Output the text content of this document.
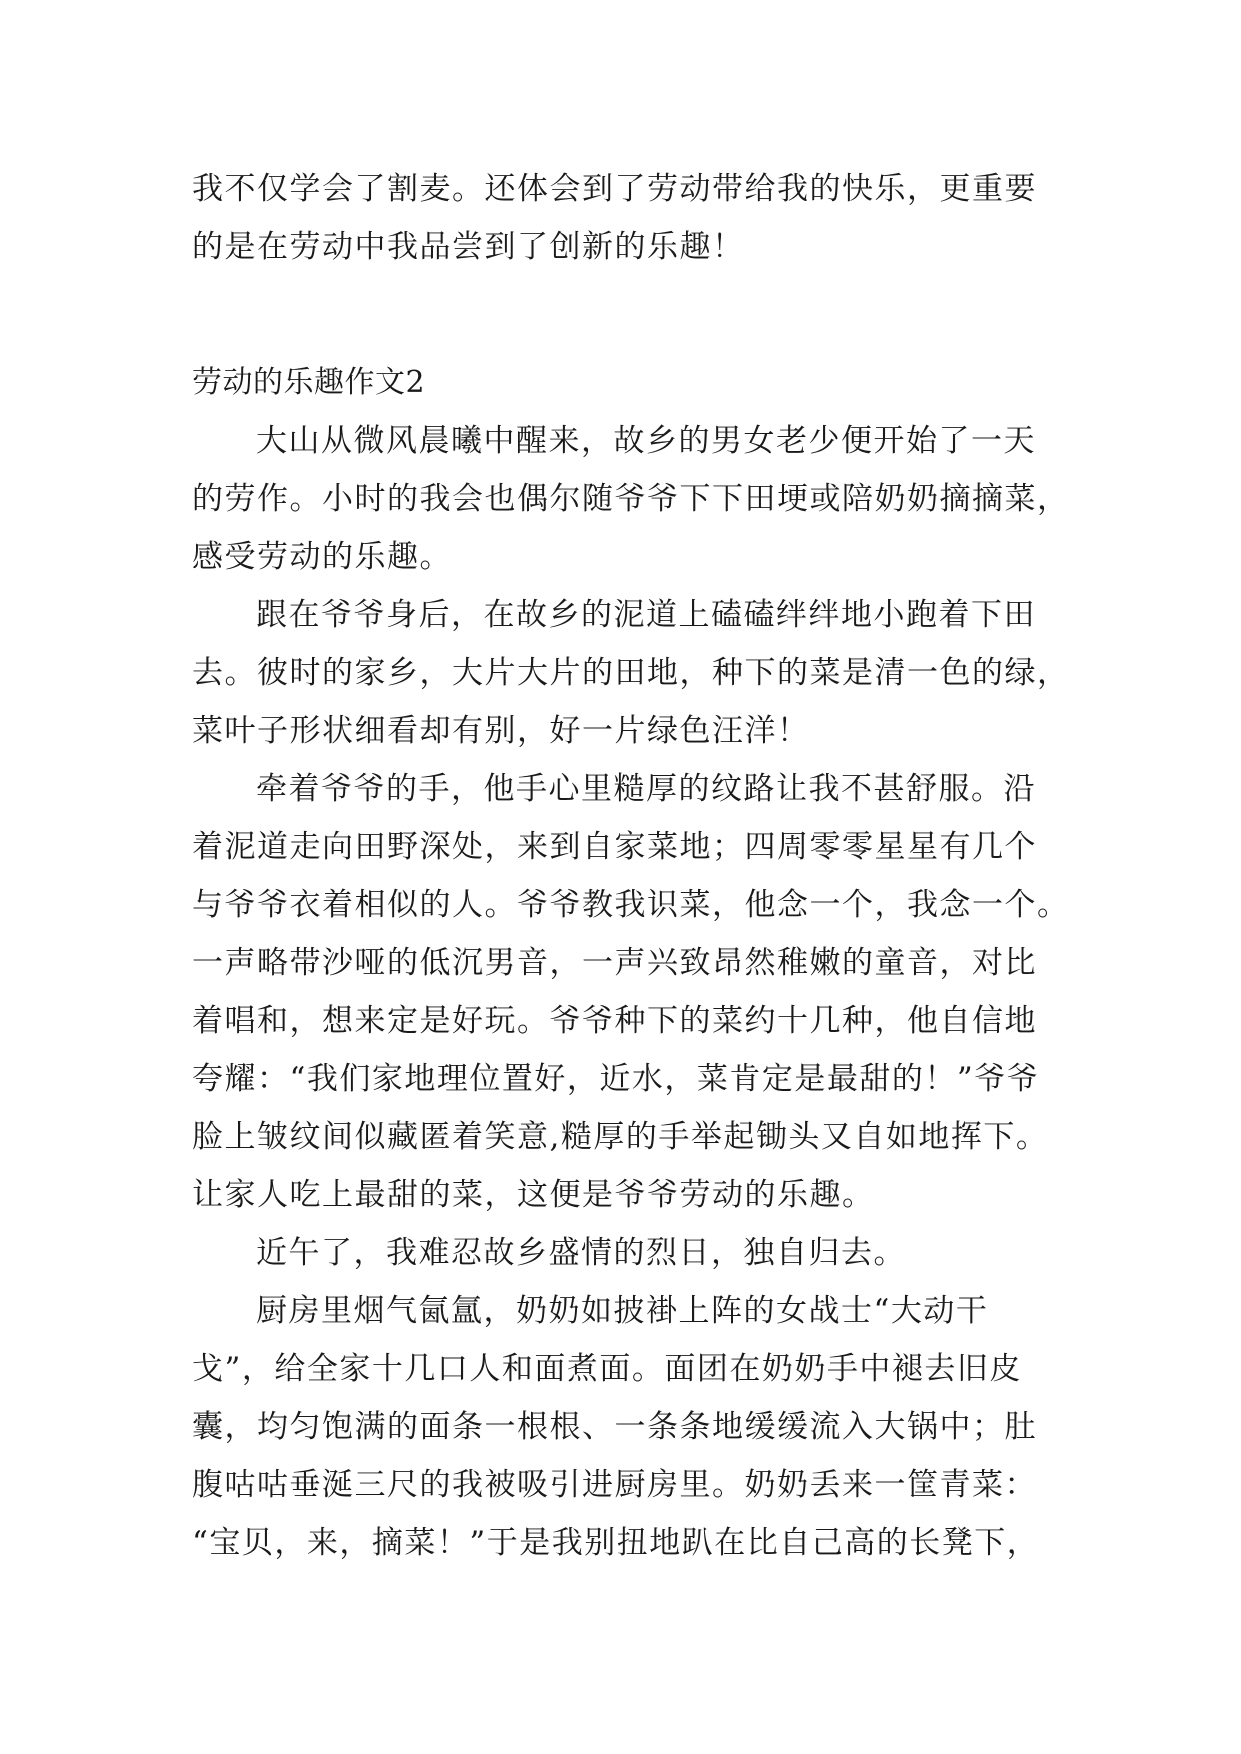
我不仅学会了割麦。还体会到了劳动带给我的快乐，更重要
的是在劳动中我品尝到了创新的乐趣！
劳动的乐趣作文2
大山从微风晨曦中醒来，故乡的男女老少便开始了一天
的劳作。小时的我会也偶尔随爷爷下下田埂或陪奶奶摘摘菜，
感受劳动的乐趣。
跟在爷爷身后，在故乡的泥道上磕磕绊绊地小跑着下田
去。彼时的家乡，大片大片的田地，种下的菜是清一色的绿，
菜叶子形状细看却有别，好一片绿色汪洋！
牵着爷爷的手，他手心里糙厚的纹路让我不甚舒服。沿
着泥道走向田野深处，来到自家菜地；四周零零星星有几个
与爷爷衣着相似的人。爷爷教我识菜，他念一个，我念一个。
一声略带沙哑的低沉男音，一声兴致昂然稚嫩的童音，对比
着唱和，想来定是好玩。爷爷种下的菜约十几种，他自信地
夸耀：“我们家地理位置好，近水，菜肯定是最甜的！”爷爷
脸上皱纹间似藏匿着笑意,糙厚的手举起锄头又自如地挥下。
让家人吃上最甜的菜，这便是爷爷劳动的乐趣。
近午了，我难忍故乡盛情的烈日，独自归去。
厨房里烟气氤氲，奶奶如披褂上阵的女战士“大动干
戈”，给全家十几口人和面煮面。面团在奶奶手中褪去旧皮
囊，均匀饱满的面条一根根、一条条地缓缓流入大锅中；肚
腹咕咕垂涎三尺的我被吸引进厨房里。奶奶丢来一筐青菜：
“宝贝，来，摘菜！”于是我别扭地趴在比自己高的长凳下，
